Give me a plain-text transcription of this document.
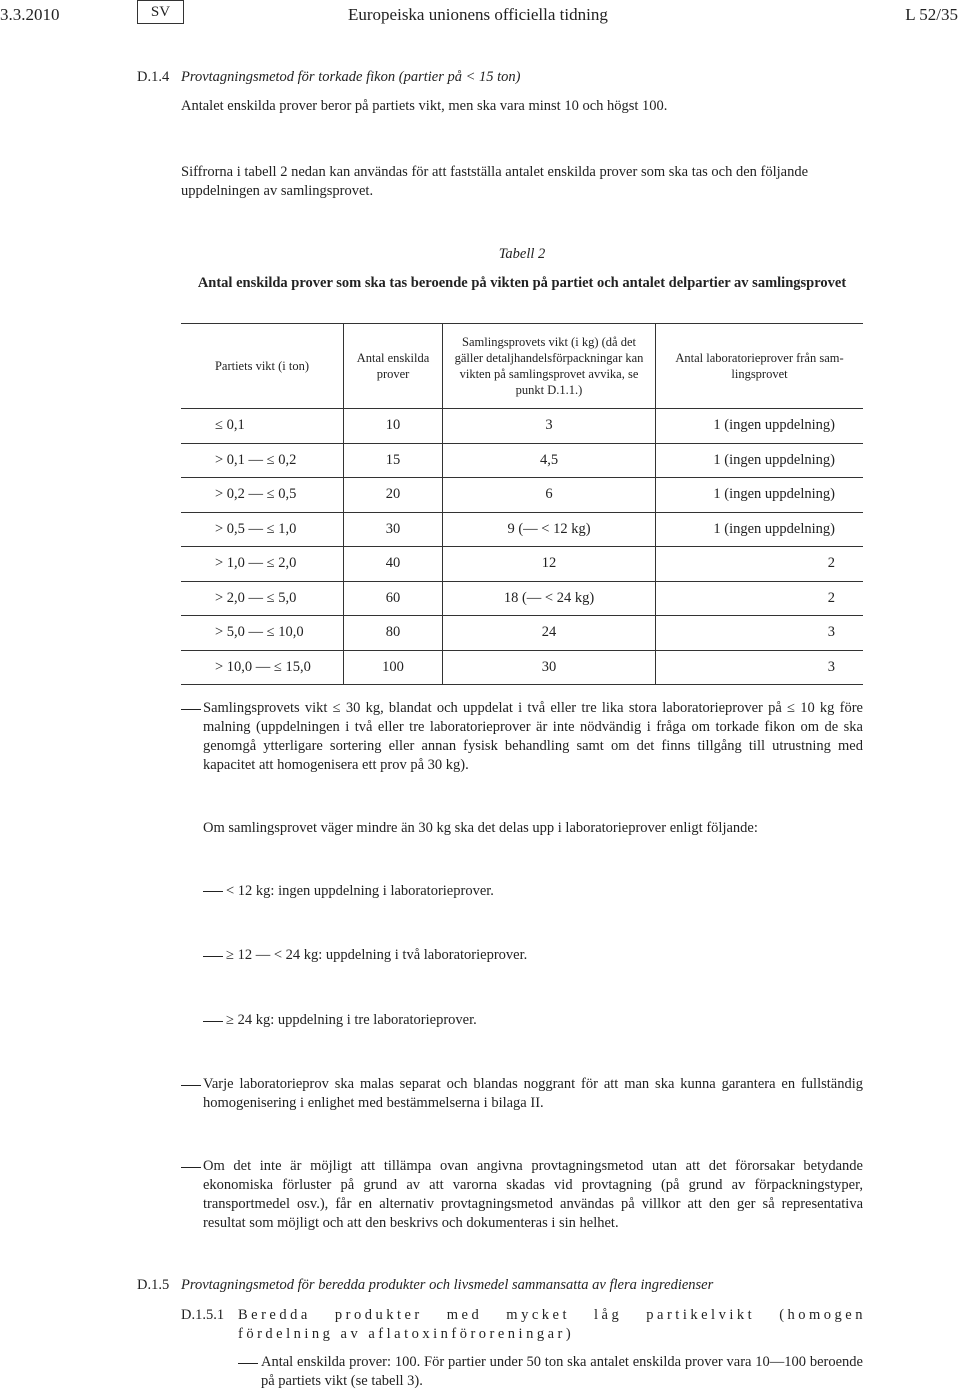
3.3.2010	SV	Europeiska unionens officiella tidning	L 52/35
D.1.4 Provtagningsmetod för torkade fikon (partier på < 15 ton)
Antalet enskilda prover beror på partiets vikt, men ska vara minst 10 och högst 100.
Siffrorna i tabell 2 nedan kan användas för att fastställa antalet enskilda prover som ska tas och den följande uppdelningen av samlingsprovet.
Tabell 2
Antal enskilda prover som ska tas beroende på vikten på partiet och antalet delpartier av samlingsprovet
Partiets vikt (i ton)	Antal enskilda prover	Samlingsprovets vikt (i kg) (då det gäller detaljhandelsförpackningar kan vikten på samlingsprovet avvika, se punkt D.1.1.)	Antal laboratorieprover från samlingsprovet
≤ 0,1	10	3	1 (ingen uppdelning)
> 0,1 — ≤ 0,2	15	4,5	1 (ingen uppdelning)
> 0,2 — ≤ 0,5	20	6	1 (ingen uppdelning)
> 0,5 — ≤ 1,0	30	9 (— < 12 kg)	1 (ingen uppdelning)
> 1,0 — ≤ 2,0	40	12	2
> 2,0 — ≤ 5,0	60	18 (— < 24 kg)	2
> 5,0 — ≤ 10,0	80	24	3
> 10,0 — ≤ 15,0	100	30	3
Samlingsprovets vikt ≤ 30 kg, blandat och uppdelat i två eller tre lika stora laboratorieprover på ≤ 10 kg före malning (uppdelningen i två eller tre laboratorieprover är inte nödvändig i fråga om torkade fikon om de ska genomgå ytterligare sortering eller annan fysisk behandling samt om det finns tillgång till utrustning med kapacitet att homogenisera ett prov på 30 kg).
Om samlingsprovet väger mindre än 30 kg ska det delas upp i laboratorieprover enligt följande:
< 12 kg: ingen uppdelning i laboratorieprover.
≥ 12 — < 24 kg: uppdelning i två laboratorieprover.
≥ 24 kg: uppdelning i tre laboratorieprover.
Varje laboratorieprov ska malas separat och blandas noggrant för att man ska kunna garantera en fullständig homogenisering i enlighet med bestämmelserna i bilaga II.
Om det inte är möjligt att tillämpa ovan angivna provtagningsmetod utan att det förorsakar betydande ekonomiska förluster på grund av att varorna skadas vid provtagning (på grund av förpackningstyper, transportmedel osv.), får en alternativ provtagningsmetod användas på villkor att den ger så representativa resultat som möjligt och att den beskrivs och dokumenteras i sin helhet.
D.1.5 Provtagningsmetod för beredda produkter och livsmedel sammansatta av flera ingredienser
D.1.5.1 Beredda produkter med mycket låg partikelvikt (homogen fördelning av aflatoxinföroreningar)
Antal enskilda prover: 100. För partier under 50 ton ska antalet enskilda prover vara 10—100 beroende på partiets vikt (se tabell 3).
